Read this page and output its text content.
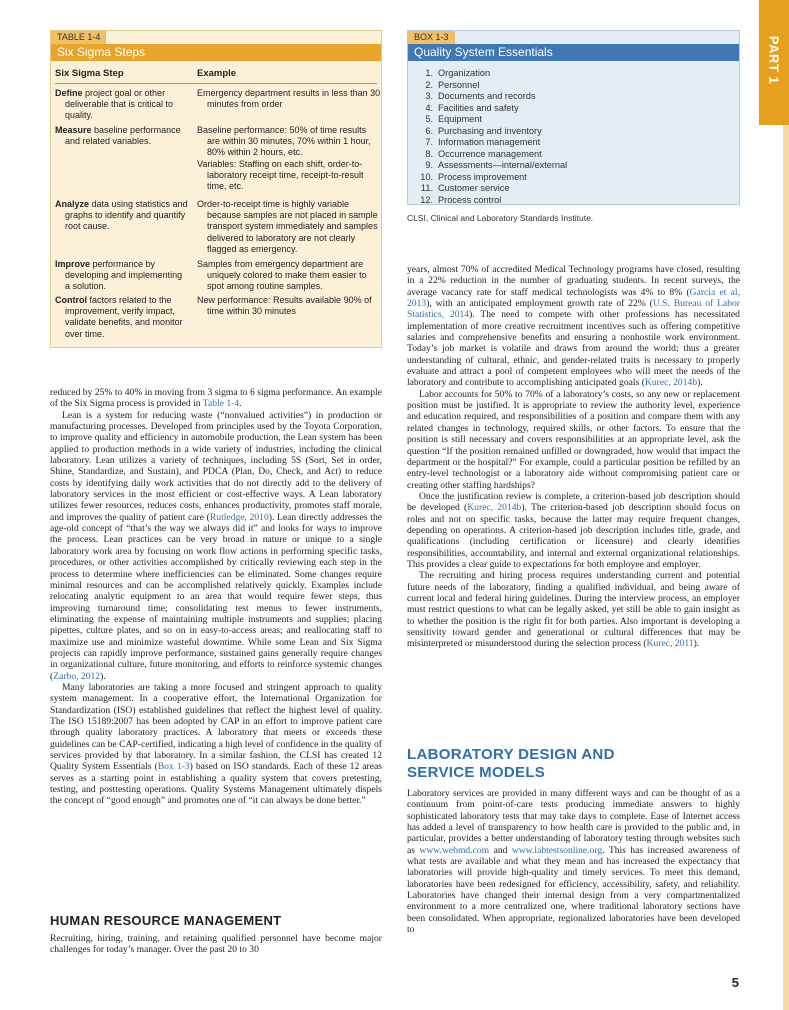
PART 1
TABLE 1-4
Six Sigma Steps
Six Sigma Step	Example
Define project goal or other deliverable that is critical to quality.
Emergency department results in less than 30 minutes from order
Measure baseline performance and related variables.
Baseline performance: 50% of time results are within 30 minutes, 70% within 1 hour, 80% within 2 hours, etc.
Variables: Staffing on each shift, order-to-laboratory receipt time, receipt-to-result time, etc.
Analyze data using statistics and graphs to identify and quantify root cause.
Order-to-receipt time is highly variable because samples are not placed in sample transport system immediately and samples delivered to laboratory are not clearly flagged as emergency.
Improve performance by developing and implementing a solution.
Samples from emergency department are uniquely colored to make them easier to spot among routine samples.
Control factors related to the improvement, verify impact, validate benefits, and monitor over time.
New performance: Results available 90% of time within 30 minutes
BOX 1-3
Quality System Essentials
1. Organization
2. Personnel
3. Documents and records
4. Facilities and safety
5. Equipment
6. Purchasing and inventory
7. Information management
8. Occurrence management
9. Assessments—internal/external
10. Process improvement
11. Customer service
12. Process control
CLSI, Clinical and Laboratory Standards Institute.

reduced by 25% to 40% in moving from 3 sigma to 6 sigma performance. An example of the Six Sigma process is provided in Table 1-4.

Lean is a system for reducing waste (“nonvalued activities”) in production or manufacturing processes. Developed from principles used by the Toyota Corporation, to improve quality and efficiency in automobile production, the Lean system has been applied to production methods in a wide variety of industries, including the clinical laboratory. Lean utilizes a variety of techniques, including 5S (Sort, Set in order, Shine, Standardize, and Sustain), and PDCA (Plan, Do, Check, and Act) to reduce costs by identifying daily work activities that do not directly add to the delivery of laboratory services in the most efficient or cost-effective ways. A Lean laboratory utilizes fewer resources, reduces costs, enhances productivity, promotes staff morale, and improves the quality of patient care (Rutledge, 2010). Lean directly addresses the age-old concept of “that’s the way we always did it” and looks for ways to improve the process. Lean practices can be very broad in nature or unique to a single laboratory work area by focusing on work flow actions in performing specific tasks, procedures, or other activities accomplished by critically reviewing each step in the process to determine where inefficiencies can be eliminated. Some changes require minimal resources and can be accomplished relatively quickly. Examples include relocating analytic equipment to an area that would require fewer steps, thus improving turnaround time; consolidating test menus to fewer instruments, eliminating the expense of maintaining multiple instruments and supplies; placing pipettes, culture plates, and so on in easy-to-access areas; and reallocating staff to maximize use and minimize wasteful downtime. While some Lean and Six Sigma projects can rapidly improve performance, sustained gains generally require changes in organizational culture, future monitoring, and efforts to reinforce systemic changes (Zarbo, 2012).

Many laboratories are taking a more focused and stringent approach to quality system management. In a cooperative effort, the International Organization for Standardization (ISO) established guidelines that reflect the highest level of quality. The ISO 15189:2007 has been adopted by CAP in an effort to improve patient care through quality laboratory practices. A laboratory that meets or exceeds these guidelines can be CAP-certified, indicating a high level of confidence in the quality of services provided by that laboratory. In a similar fashion, the CLSI has created 12 Quality System Essentials (Box 1-3) based on ISO standards. Each of these 12 areas serves as a starting point in establishing a quality system that covers pretesting, testing, and posttesting operations. Quality Systems Management ultimately dispels the concept of “good enough” and promotes one of “it can always be done better.”

HUMAN RESOURCE MANAGEMENT

Recruiting, hiring, training, and retaining qualified personnel have become major challenges for today’s manager. Over the past 20 to 30

years, almost 70% of accredited Medical Technology programs have closed, resulting in a 22% reduction in the number of graduating students. In recent surveys, the average vacancy rate for staff medical technologists was 4% to 8% (Garcia et al, 2013), with an anticipated employment growth rate of 22% (U.S. Bureau of Labor Statistics, 2014). The need to compete with other professions has necessitated implementation of more creative recruitment incentives such as offering competitive salaries and comprehensive benefits and ensuring a nonhostile work environment. Today’s job market is volatile and draws from around the world; thus a greater understanding of cultural, ethnic, and gender-related traits is necessary to properly evaluate and attract a pool of competent employees who will meet the needs of the laboratory and contribute to accomplishing anticipated goals (Kurec, 2014b).

Labor accounts for 50% to 70% of a laboratory’s costs, so any new or replacement position must be justified. It is appropriate to review the authority level, experience and education required, and responsibilities of a position and compare them with any related changes in technology, required skills, or other factors. To ensure that the position is still necessary and covers responsibilities at an appropriate level, ask the question “If the position remained unfilled or downgraded, how would that impact the department or the hospital?” For example, could a particular position be refilled by an entry-level technologist or a laboratory aide without compromising patient care or creating other staffing hardships?

Once the justification review is complete, a criterion-based job description should be developed (Kurec, 2014b). The criterion-based job description should focus on roles and not on specific tasks, because the latter may require frequent changes, depending on operations. A criterion-based job description includes title, grade, and qualifications (including certification or licensure) and clearly identifies responsibilities, accountability, and internal and external organizational relationships. This provides a clear guide to expectations for both employee and employer.

The recruiting and hiring process requires understanding current and potential future needs of the laboratory, finding a qualified individual, and being aware of current local and federal hiring guidelines. During the interview process, an employer must restrict questions to what can be legally asked, yet still be able to gain insight as to whether the position is the right fit for both parties. Also important is developing a sensitivity toward gender and generational or cultural differences that may be misinterpreted or misunderstood during the selection process (Kurec, 2011).

LABORATORY DESIGN AND
SERVICE MODELS

Laboratory services are provided in many different ways and can be thought of as a continuum from point-of-care tests producing immediate answers to highly sophisticated laboratory tests that may take days to complete. Ease of Internet access has added a level of transparency to how health care is provided to the public and, in particular, provides a better understanding of laboratory testing through websites such as www.webmd.com and www.labtestsonline.org. This has increased awareness of what tests are available and what they mean and has increased the expectancy that laboratories will provide high-quality and timely services. To meet this demand, laboratories have been redesigned for efficiency, accessibility, safety, and reliability. Laboratories have changed their internal design from a very compartmentalized environment to a more centralized one, where traditional laboratory sections have been consolidated. When appropriate, regionalized laboratories have been developed to

5
